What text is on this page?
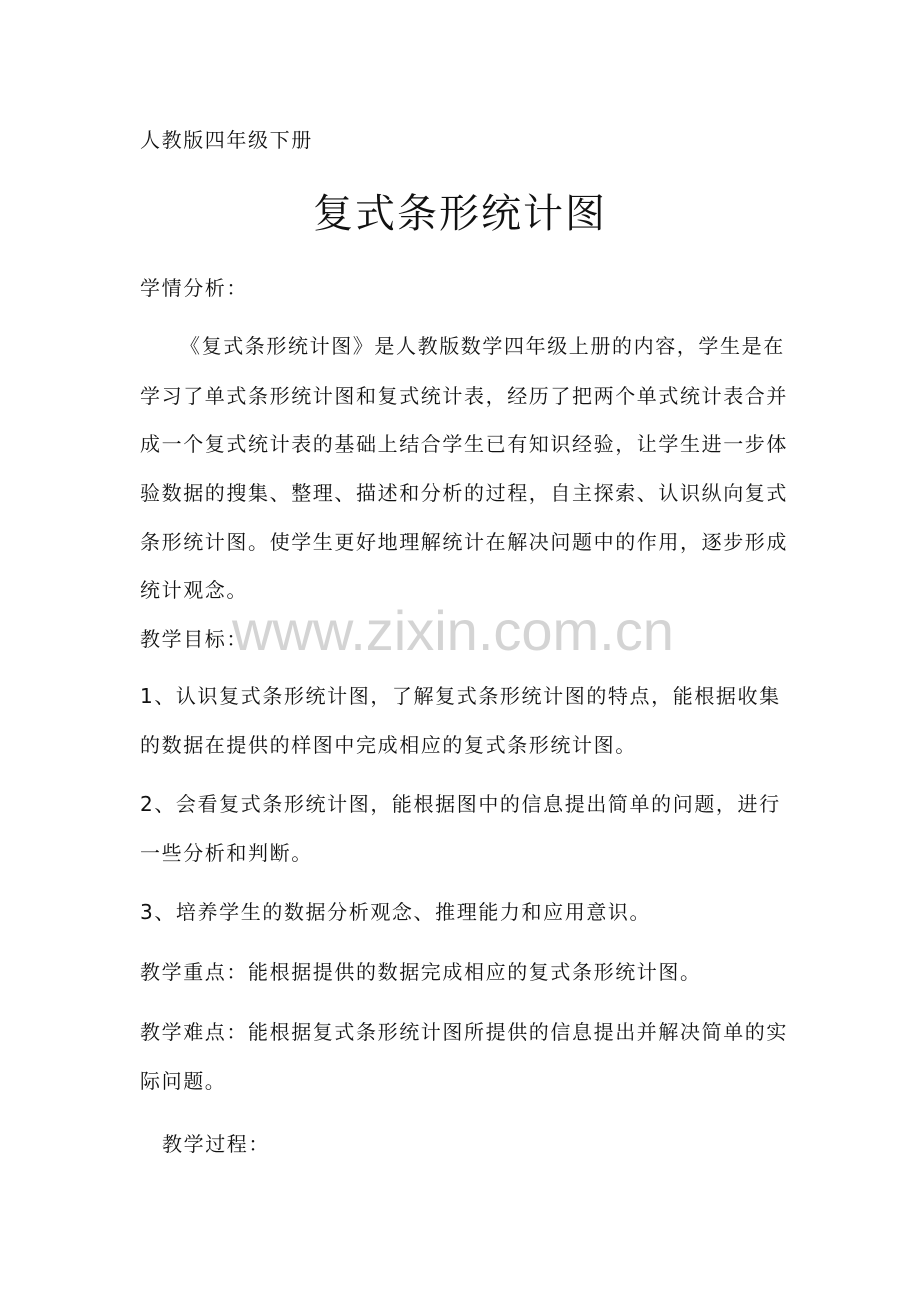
人教版四年级下册
复式条形统计图
学情分析：
《复式条形统计图》是人教版数学四年级上册的内容，学生是在
学习了单式条形统计图和复式统计表，经历了把两个单式统计表合并
成一个复式统计表的基础上结合学生已有知识经验，让学生进一步体
验数据的搜集、整理、描述和分析的过程，自主探索、认识纵向复式
条形统计图。使学生更好地理解统计在解决问题中的作用，逐步形成
统计观念。
www.zixin.com.cn
教学目标：
1、认识复式条形统计图，了解复式条形统计图的特点，能根据收集
的数据在提供的样图中完成相应的复式条形统计图。
2、会看复式条形统计图，能根据图中的信息提出简单的问题，进行
一些分析和判断。
3、培养学生的数据分析观念、推理能力和应用意识。
教学重点：能根据提供的数据完成相应的复式条形统计图。
教学难点：能根据复式条形统计图所提供的信息提出并解决简单的实
际问题。
教学过程：
